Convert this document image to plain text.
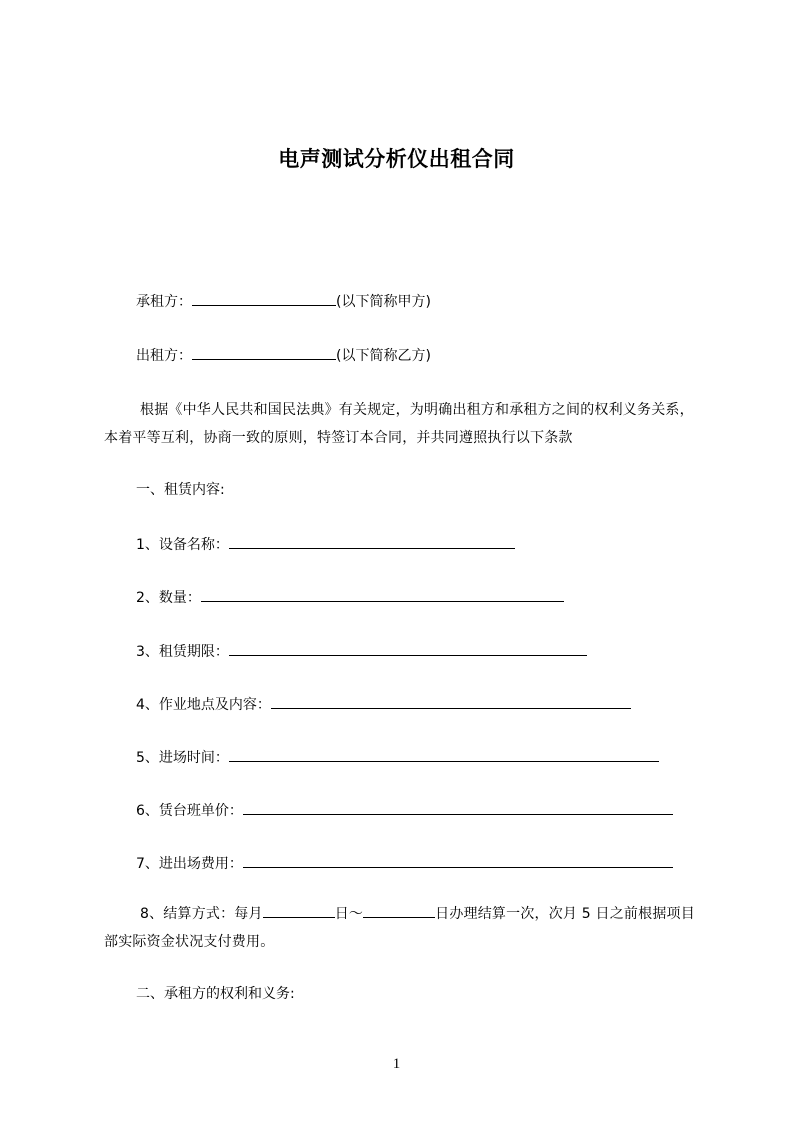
电声测试分析仪出租合同
承租方：	(以下简称甲方)
出租方：	(以下简称乙方)
根据《中华人民共和国民法典》有关规定，为明确出租方和承租方之间的权利义务关系，本着平等互利，协商一致的原则，特签订本合同，并共同遵照执行以下条款
一、租赁内容:
1、设备名称：
2、数量：
3、租赁期限：
4、作业地点及内容：
5、进场时间：
6、赁台班单价：
7、进出场费用：
8、结算方式：每月	日～	日办理结算一次，次月 5 日之前根据项目部实际资金状况支付费用。
二、承租方的权利和义务:
1
